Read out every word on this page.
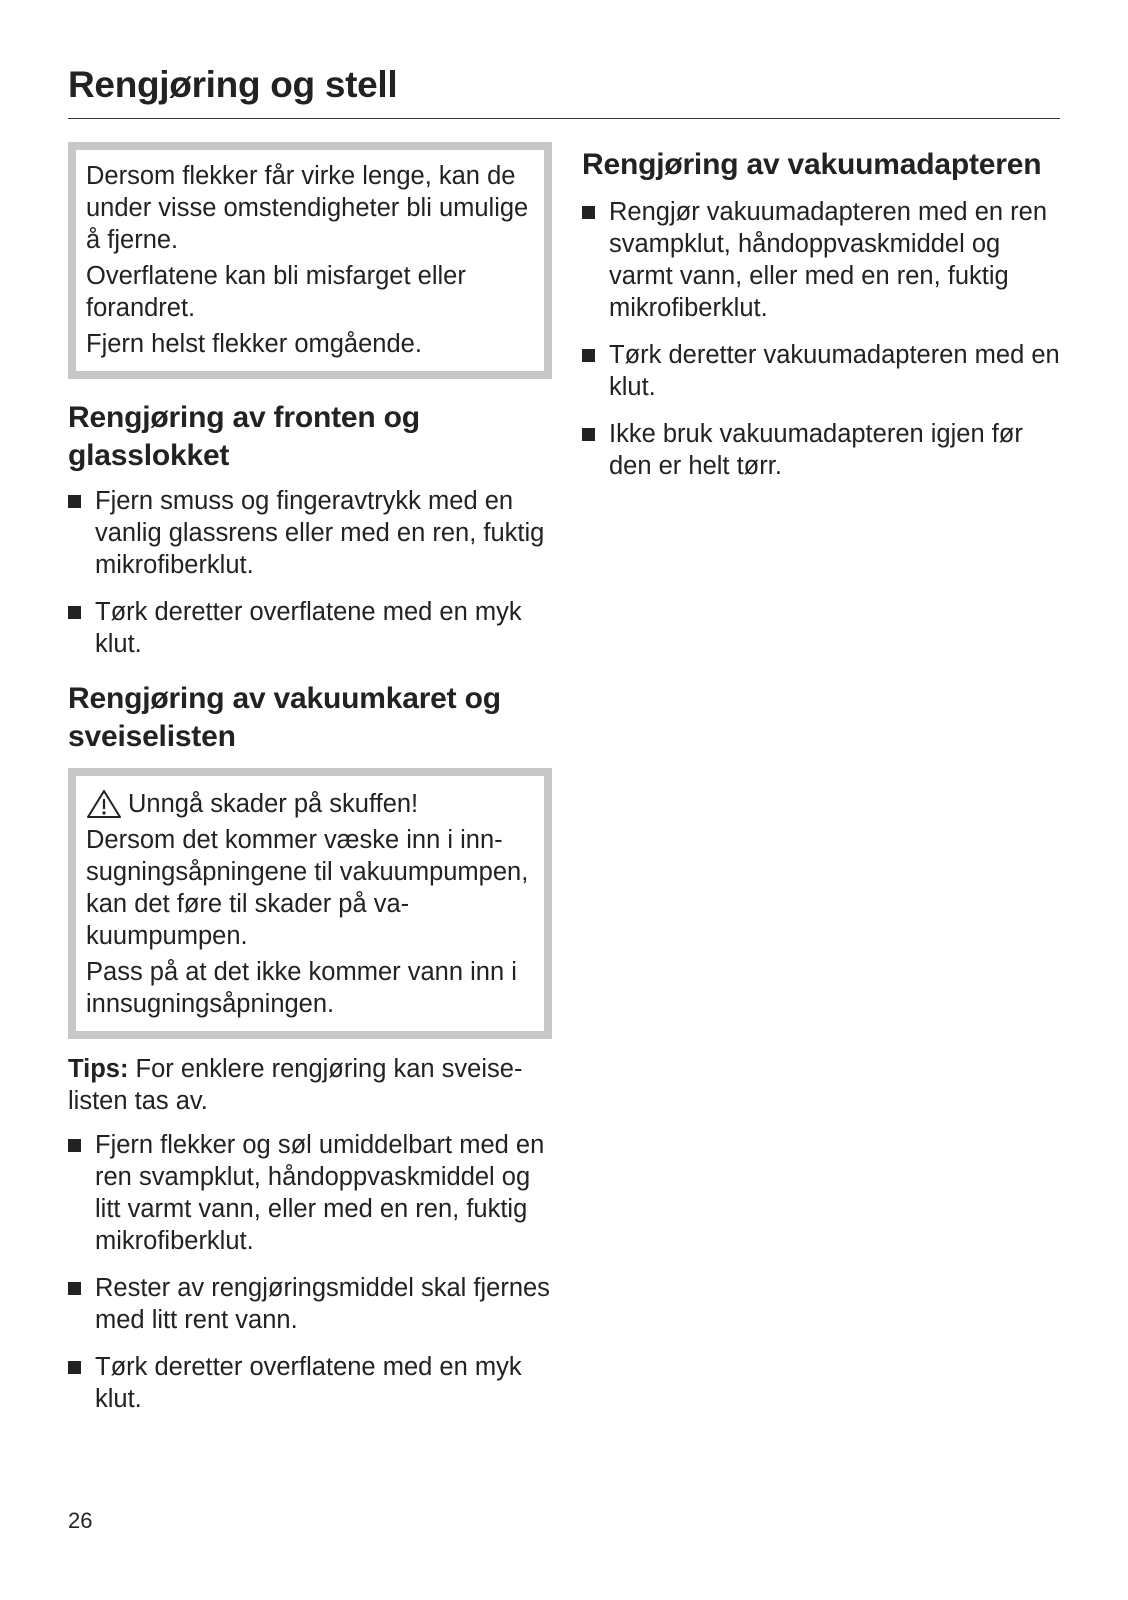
Rengjøring og stell

Dersom flekker får virke lenge, kan de under visse omstendigheter bli umulige å fjerne.

Overflatene kan bli misfarget eller forandret.

Fjern helst flekker omgående.

Rengjøring av fronten og glasslokket
Fjern smuss og fingeravtrykk med en vanlig glassrens eller med en ren, fuktig mikrofiberklut.
Tørk deretter overflatene med en myk klut.
Rengjøring av vakuumkaret og sveiselisten

Unngå skader på skuffen!

Dersom det kommer væske inn i innsugningsåpningene til vakuumpumpen, kan det føre til skader på vakuumpumpen.

Pass på at det ikke kommer vann inn i innsugningsåpningen.

Tips: For enklere rengjøring kan sveiselisten tas av.

Fjern flekker og søl umiddelbart med en ren svampklut, håndoppvaskmiddel og litt varmt vann, eller med en ren, fuktig mikrofiberklut.
Rester av rengjøringsmiddel skal fjernes med litt rent vann.
Tørk deretter overflatene med en myk klut.
Rengjøring av vakuumadapteren
Rengjør vakuumadapteren med en ren svampklut, håndoppvaskmiddel og varmt vann, eller med en ren, fuktig mikrofiberklut.
Tørk deretter vakuumadapteren med en klut.
Ikke bruk vakuumadapteren igjen før den er helt tørr.
26
